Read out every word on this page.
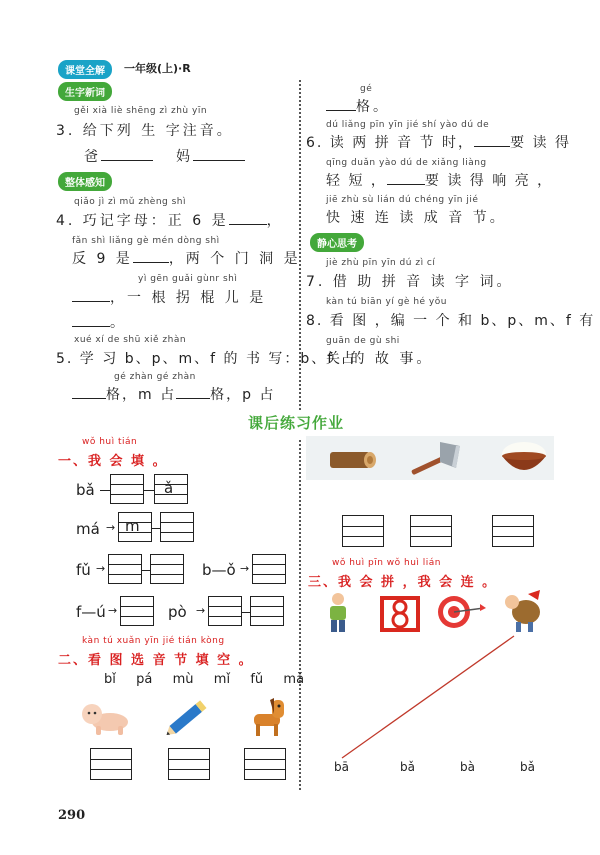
课堂全解	一年级(上)·R
生字新词
gěi xià liè shēng zì zhù yīn
3. 给下列 生 字注音。
爸	妈
整体感知
qiǎo jì zì mǔ zhèng shì
4. 巧记字母：正 6 是	，
fǎn shì liǎng gè mén dòng shì
反 9 是	，两 个 门 洞 是
yì gēn guǎi gùnr shì
，一 根 拐 棍 儿 是
。
xué xí de shū xiě zhàn
5. 学 习 b、p、m、f 的 书 写：b、f 占
gé zhàn gé zhàn
格，m 占 格，p 占
gé
格。
dú liǎng pīn yīn jié shí yào dú de
6. 读 两 拼 音 节 时，	要 读 得
qīng duǎn yào dú de xiǎng liàng
轻 短 ，	要 读 得 响 亮 ，
jiē zhù sù lián dú chéng yīn jié
快 速 连 读 成 音 节。
静心思考
jiè zhù pīn yīn dú zì cí
7. 借 助 拼 音 读 字 词。
kàn tú biān yí gè hé yǒu
8. 看 图 ，编 一 个 和 b、p、m、f 有
guān de gù shi
关 的 故 事。
课后练习作业
wǒ huì tián
一、我 会 填 。
bǎ	ǎ
má → m
fǔ →	b—ǒ →
f—ú →	pò →
kàn tú xuǎn yīn jié tián kòng
二、看 图 选 音 节 填 空 。
bǐ  pá  mù  mǐ  fǔ  mǎ
wǒ huì pīn wǒ huì lián
三、我 会 拼 ，我 会 连 。
bā	bǎ	bà	bǎ
290
